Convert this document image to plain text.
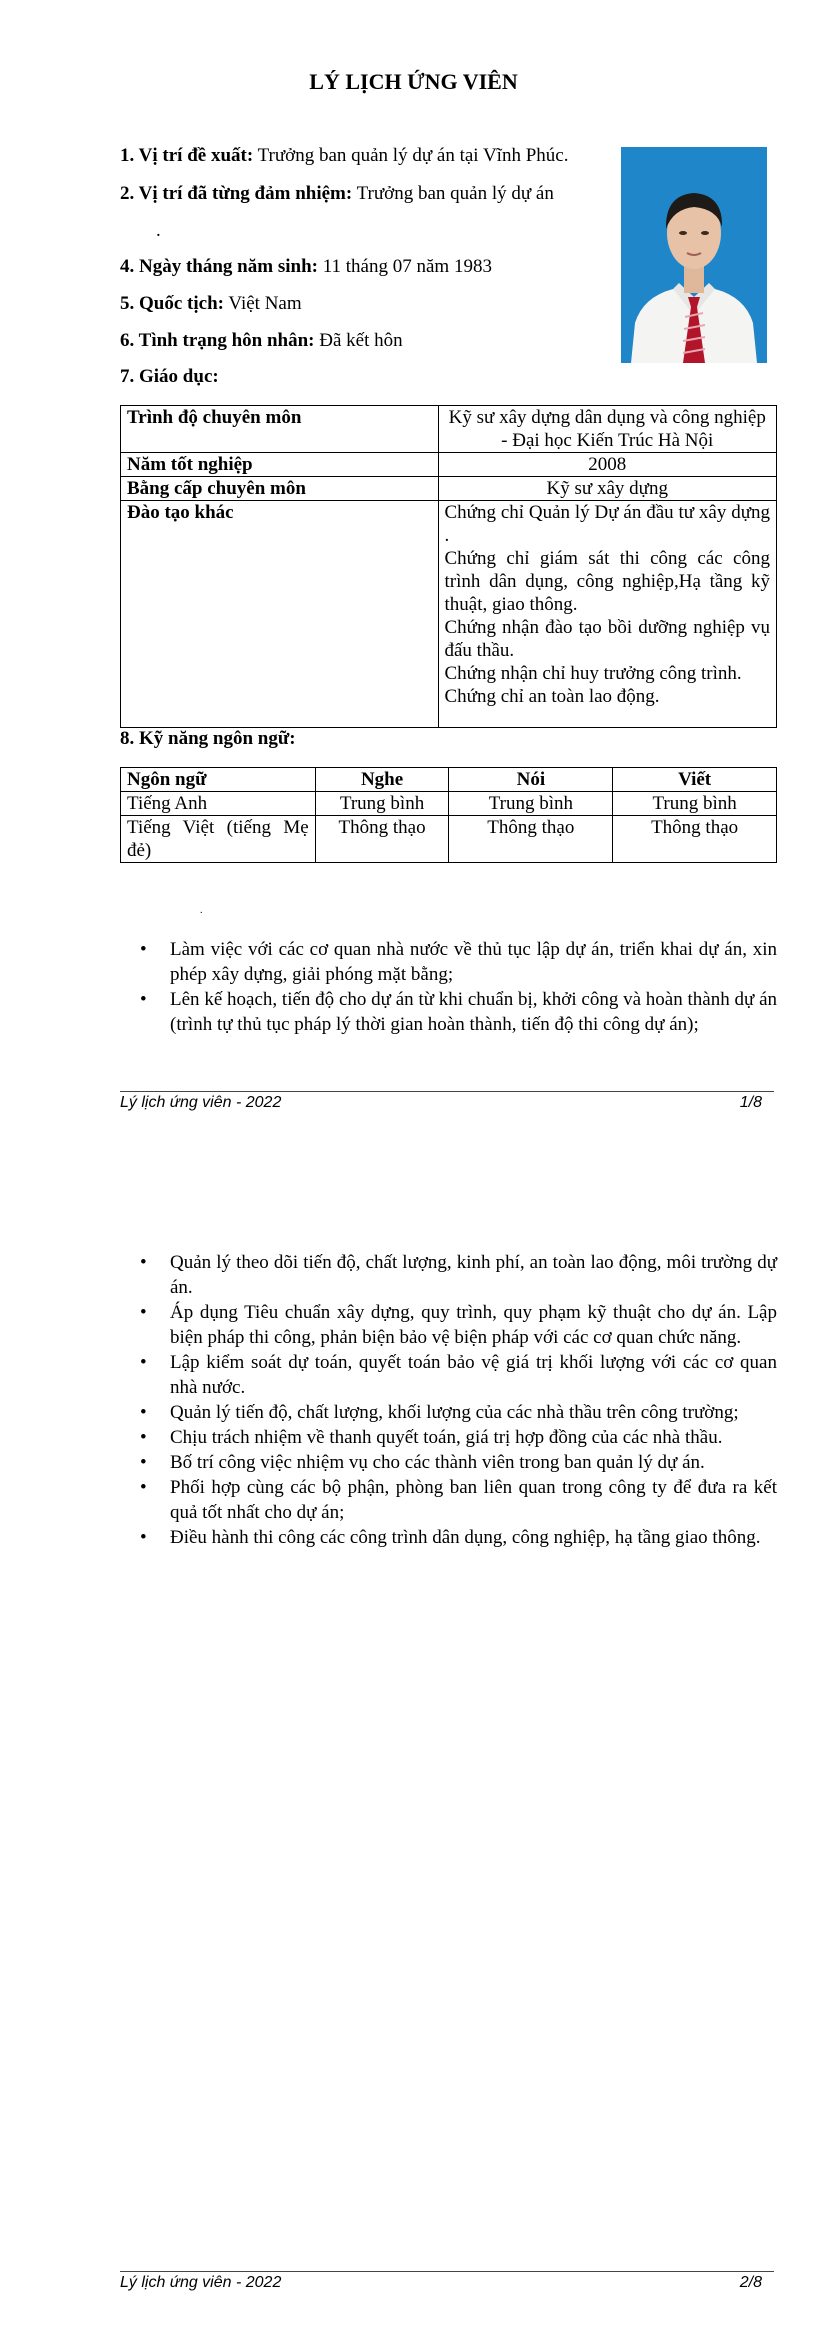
LÝ LỊCH ỨNG VIÊN
1. Vị trí đề xuất: Trưởng ban quản lý dự án tại Vĩnh Phúc.
2. Vị trí đã từng đảm nhiệm: Trưởng ban quản lý dự án
.
4. Ngày tháng năm sinh: 11 tháng 07 năm 1983
5. Quốc tịch: Việt Nam
6. Tình trạng hôn nhân: Đã kết hôn
7. Giáo dục:
Trình độ chuyên môn	Kỹ sư xây dựng dân dụng và công nghiệp - Đại học Kiến Trúc Hà Nội
Năm tốt nghiệp	2008
Bằng cấp chuyên môn	Kỹ sư xây dựng
Đào tạo khác	Chứng chỉ Quản lý Dự án đầu tư xây dựng .
Chứng chỉ giám sát thi công các công trình dân dụng, công nghiệp,Hạ tầng kỹ thuật, giao thông.
Chứng nhận đào tạo bồi dưỡng nghiệp vụ đấu thầu.
Chứng nhận chỉ huy trưởng công trình.
Chứng chỉ an toàn lao động.
8. Kỹ năng ngôn ngữ:
Ngôn ngữ	Nghe	Nói	Viết
Tiếng Anh	Trung bình	Trung bình	Trung bình
Tiếng Việt (tiếng Mẹ đẻ)	Thông thạo	Thông thạo	Thông thạo
.
• Làm việc với các cơ quan nhà nước về thủ tục lập dự án, triển khai dự án, xin phép xây dựng, giải phóng mặt bằng;
• Lên kế hoạch, tiến độ cho dự án từ khi chuẩn bị, khởi công và hoàn thành dự án (trình tự thủ tục pháp lý thời gian hoàn thành, tiến độ thi công dự án);
Lý lịch ứng viên - 2022	1/8
• Quản lý theo dõi tiến độ, chất lượng, kinh phí, an toàn lao động, môi trường dự án.
• Áp dụng Tiêu chuẩn xây dựng, quy trình, quy phạm kỹ thuật cho dự án. Lập biện pháp thi công, phản biện bảo vệ biện pháp với các cơ quan chức năng.
• Lập kiểm soát dự toán, quyết toán bảo vệ giá trị khối lượng với các cơ quan nhà nước.
• Quản lý tiến độ, chất lượng, khối lượng của các nhà thầu trên công trường;
• Chịu trách nhiệm về thanh quyết toán, giá trị hợp đồng của các nhà thầu.
• Bố trí công việc nhiệm vụ cho các thành viên trong ban quản lý dự án.
• Phối hợp cùng các bộ phận, phòng ban liên quan trong công ty để đưa ra kết quả tốt nhất cho dự án;
• Điều hành thi công các công trình dân dụng, công nghiệp, hạ tầng giao thông.
Lý lịch ứng viên - 2022	2/8
